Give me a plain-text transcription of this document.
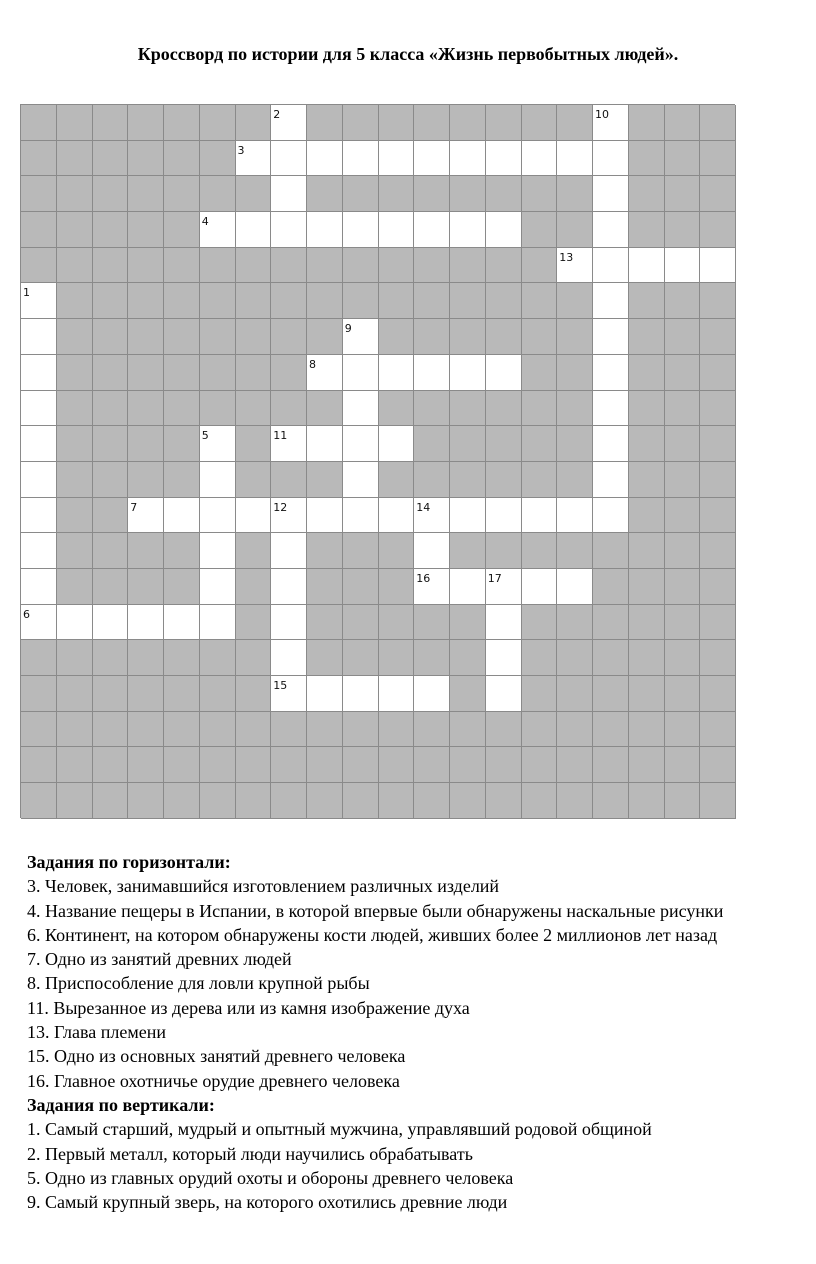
Кроссворд по истории для 5 класса «Жизнь первобытных людей».
2	10
3
4
13
1
9
8
5	11
7	12	14
16	17
6
15
Задания по горизонтали:
3. Человек, занимавшийся изготовлением различных изделий
4. Название пещеры в Испании, в которой впервые были обнаружены наскальные рисунки
6. Континент, на котором обнаружены кости людей, живших более 2 миллионов лет назад
7. Одно из занятий древних людей
8. Приспособление для ловли крупной рыбы
11. Вырезанное из дерева или из камня изображение духа
13. Глава племени
15. Одно из основных занятий древнего человека
16. Главное охотничье орудие древнего человека
Задания по вертикали:
1. Самый старший, мудрый и опытный мужчина, управлявший родовой общиной
2. Первый металл, который люди научились обрабатывать
5. Одно из главных орудий охоты и обороны древнего человека
9. Самый крупный зверь, на которого охотились древние люди
